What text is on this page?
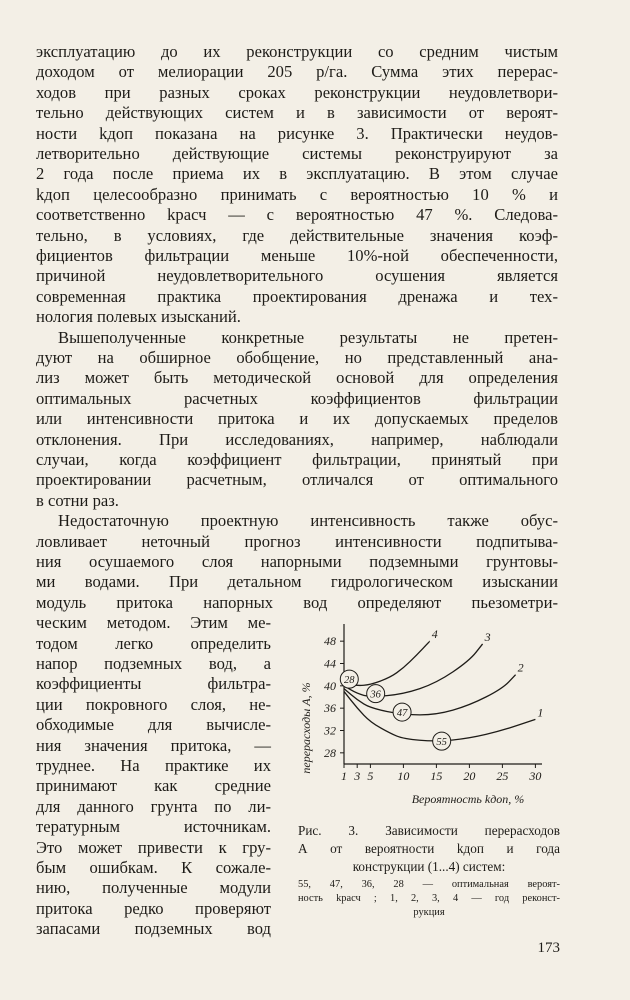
эксплуатацию до их реконструкции со средним чистым
доходом от мелиорации 205 р/га. Сумма этих перерас-
ходов при разных сроках реконструкции неудовлетвори-
тельно действующих систем и в зависимости от вероят-
ности kдоп показана на рисунке 3. Практически неудов-
летворительно действующие системы реконструируют за
2 года после приема их в эксплуатацию. В этом случае
kдоп целесообразно принимать с вероятностью 10 % и
соответственно kрасч — с вероятностью 47 %. Следова-
тельно, в условиях, где действительные значения коэф-
фициентов фильтрации меньше 10%-ной обеспеченности,
причиной неудовлетворительного осушения является
современная практика проектирования дренажа и тех-
нология полевых изысканий.
Вышеполученные конкретные результаты не претен-
дуют на обширное обобщение, но представленный ана-
лиз может быть методической основой для определения
оптимальных расчетных коэффициентов фильтрации
или интенсивности притока и их допускаемых пределов
отклонения. При исследованиях, например, наблюдали
случаи, когда коэффициент фильтрации, принятый при
проектировании расчетным, отличался от оптимального
в сотни раз.
Недостаточную проектную интенсивность также обус-
ловливает неточный прогноз интенсивности подпитыва-
ния осушаемого слоя напорными подземными грунтовы-
ми водами. При детальном гидрологическом изыскании
модуль притока напорных вод определяют пьезометри-
ческим методом. Этим ме-
тодом легко определить
напор подземных вод, а
коэффициенты фильтра-
ции покровного слоя, не-
обходимые для вычисле-
ния значения притока, —
труднее. На практике их
принимают как средние
для данного грунта по ли-
тературным источникам.
Это может привести к гру-
бым ошибкам. К сожале-
нию, полученные модули
притока редко проверяют
запасами подземных вод
28
32
36
40
44
48
1 3 5 10 15 20 25 30
1
2
3
4
28
36
47
55
перерасходы А, %
Вероятность kдоп, %
Рис. 3. Зависимости перерасходов
А от вероятности kдоп и года
конструкции (1...4) систем:
55, 47, 36, 28 — оптимальная вероят-
ность kрасч ; 1, 2, 3, 4 — год реконст-
рукция
173
